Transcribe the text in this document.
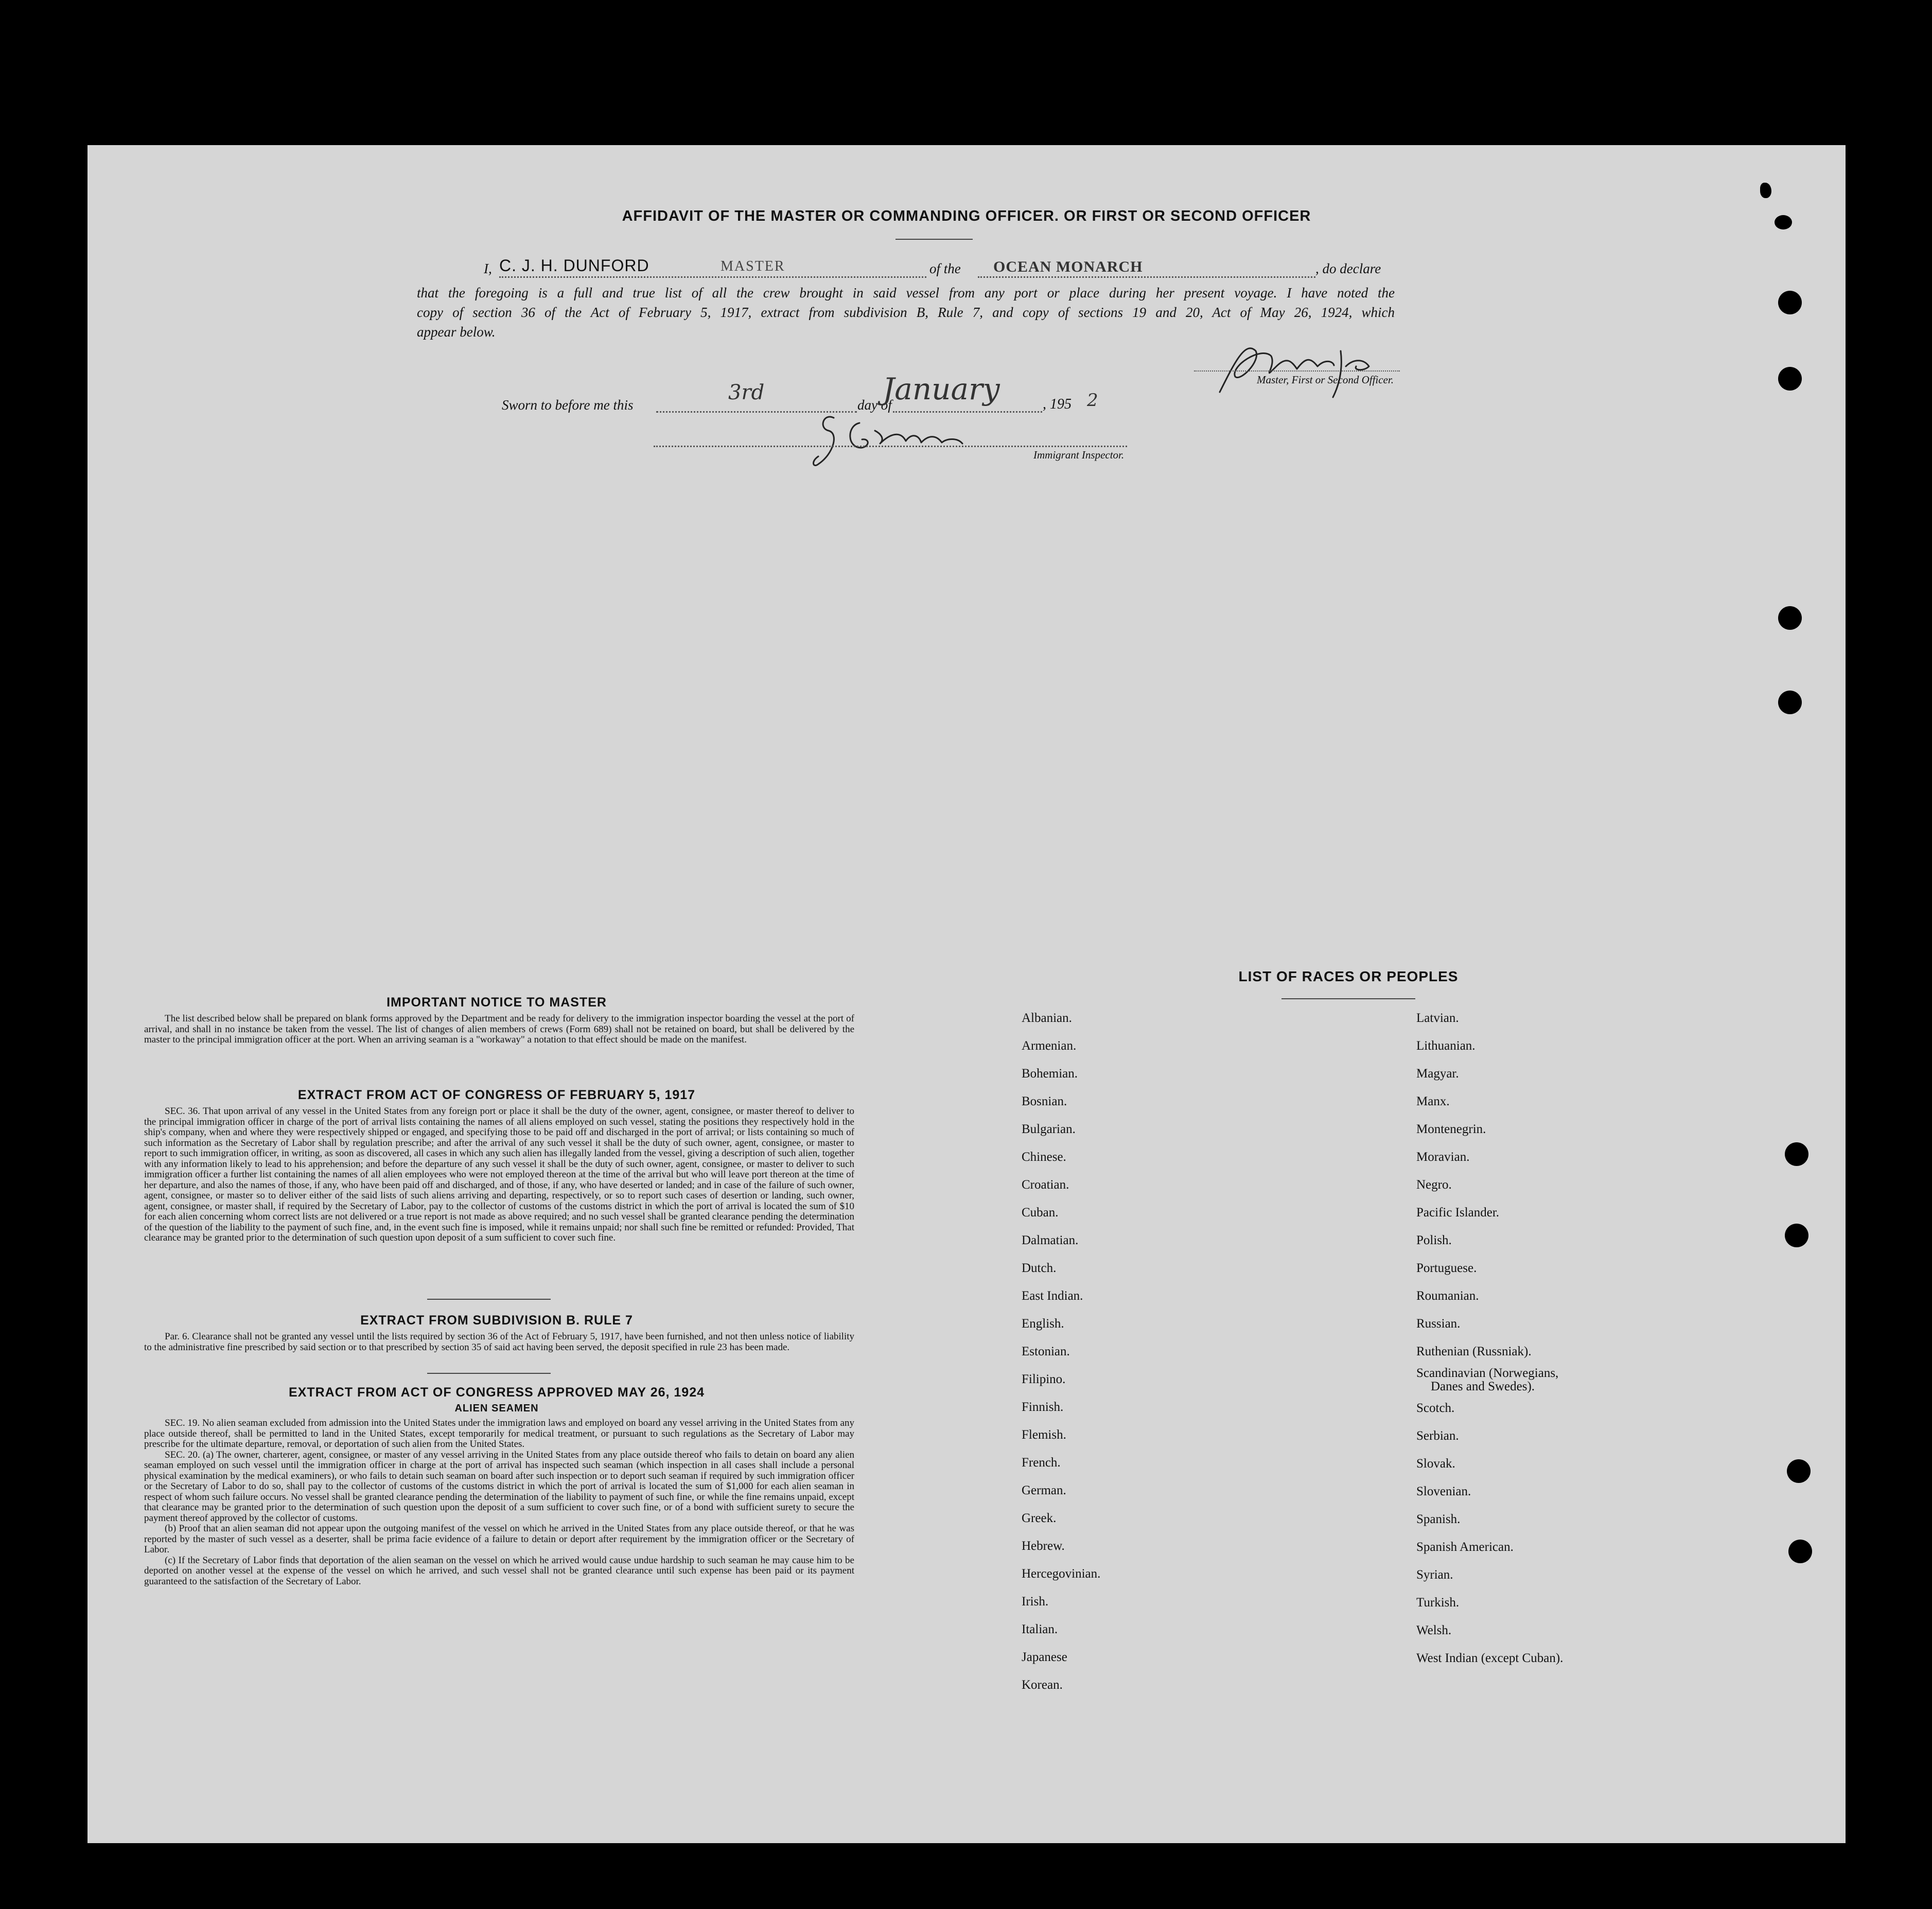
AFFIDAVIT OF THE MASTER OR COMMANDING OFFICER. OR FIRST OR SECOND OFFICER
I, C. J. H. DUNFORD	MASTER	of the OCEAN MONARCH	, do declare
that the foregoing is a full and true list of all the crew brought in said vessel from any port or place during her present voyage. I have noted the
copy of section 36 of the Act of February 5, 1917, extract from subdivision B, Rule 7, and copy of sections 19 and 20, Act of May 26, 1924, which
appear below.
Master, First or Second Officer.
Sworn to before me this
3rd
day of
January	, 195 2
Immigrant Inspector.
IMPORTANT NOTICE TO MASTER

The list described below shall be prepared on blank forms approved by the Department and be ready for delivery to the immigration inspector boarding the vessel at the port of arrival, and shall in no instance be taken from the vessel. The list of changes of alien members of crews (Form 689) shall not be retained on board, but shall be delivered by the master to the principal immigration officer at the port. When an arriving seaman is a "workaway" a notation to that effect should be made on the manifest.

EXTRACT FROM ACT OF CONGRESS OF FEBRUARY 5, 1917

SEC. 36. That upon arrival of any vessel in the United States from any foreign port or place it shall be the duty of the owner, agent, consignee, or master thereof to deliver to the principal immigration officer in charge of the port of arrival lists containing the names of all aliens employed on such vessel, stating the positions they respectively hold in the ship's company, when and where they were respectively shipped or engaged, and specifying those to be paid off and discharged in the port of arrival; or lists containing so much of such information as the Secretary of Labor shall by regulation prescribe; and after the arrival of any such vessel it shall be the duty of such owner, agent, consignee, or master to report to such immigration officer, in writing, as soon as discovered, all cases in which any such alien has illegally landed from the vessel, giving a description of such alien, together with any information likely to lead to his apprehension; and before the departure of any such vessel it shall be the duty of such owner, agent, consignee, or master to deliver to such immigration officer a further list containing the names of all alien employees who were not employed thereon at the time of the arrival but who will leave port thereon at the time of her departure, and also the names of those, if any, who have been paid off and discharged, and of those, if any, who have deserted or landed; and in case of the failure of such owner, agent, consignee, or master so to deliver either of the said lists of such aliens arriving and departing, respectively, or so to report such cases of desertion or landing, such owner, agent, consignee, or master shall, if required by the Secretary of Labor, pay to the collector of customs of the customs district in which the port of arrival is located the sum of $10 for each alien concerning whom correct lists are not delivered or a true report is not made as above required; and no such vessel shall be granted clearance pending the determination of the question of the liability to the payment of such fine, and, in the event such fine is imposed, while it remains unpaid; nor shall such fine be remitted or refunded: Provided, That clearance may be granted prior to the determination of such question upon deposit of a sum sufficient to cover such fine.

EXTRACT FROM SUBDIVISION B. RULE 7

Par. 6. Clearance shall not be granted any vessel until the lists required by section 36 of the Act of February 5, 1917, have been furnished, and not then unless notice of liability to the administrative fine prescribed by said section or to that prescribed by section 35 of said act having been served, the deposit specified in rule 23 has been made.

EXTRACT FROM ACT OF CONGRESS APPROVED MAY 26, 1924
ALIEN SEAMEN

SEC. 19. No alien seaman excluded from admission into the United States under the immigration laws and employed on board any vessel arriving in the United States from any place outside thereof, shall be permitted to land in the United States, except temporarily for medical treatment, or pursuant to such regulations as the Secretary of Labor may prescribe for the ultimate departure, removal, or deportation of such alien from the United States.

SEC. 20. (a) The owner, charterer, agent, consignee, or master of any vessel arriving in the United States from any place outside thereof who fails to detain on board any alien seaman employed on such vessel until the immigration officer in charge at the port of arrival has inspected such seaman (which inspection in all cases shall include a personal physical examination by the medical examiners), or who fails to detain such seaman on board after such inspection or to deport such seaman if required by such immigration officer or the Secretary of Labor to do so, shall pay to the collector of customs of the customs district in which the port of arrival is located the sum of $1,000 for each alien seaman in respect of whom such failure occurs. No vessel shall be granted clearance pending the determination of the liability to payment of such fine, or while the fine remains unpaid, except that clearance may be granted prior to the determination of such question upon the deposit of a sum sufficient to cover such fine, or of a bond with sufficient surety to secure the payment thereof approved by the collector of customs.

(b) Proof that an alien seaman did not appear upon the outgoing manifest of the vessel on which he arrived in the United States from any place outside thereof, or that he was reported by the master of such vessel as a deserter, shall be prima facie evidence of a failure to detain or deport after requirement by the immigration officer or the Secretary of Labor.

(c) If the Secretary of Labor finds that deportation of the alien seaman on the vessel on which he arrived would cause undue hardship to such seaman he may cause him to be deported on another vessel at the expense of the vessel on which he arrived, and such vessel shall not be granted clearance until such expense has been paid or its payment guaranteed to the satisfaction of the Secretary of Labor.

LIST OF RACES OR PEOPLES
Albanian.
Armenian.
Bohemian.
Bosnian.
Bulgarian.
Chinese.
Croatian.
Cuban.
Dalmatian.
Dutch.
East Indian.
English.
Estonian.
Filipino.
Finnish.
Flemish.
French.
German.
Greek.
Hebrew.
Hercegovinian.
Irish.
Italian.
Japanese
Korean.
Latvian.
Lithuanian.
Magyar.
Manx.
Montenegrin.
Moravian.
Negro.
Pacific Islander.
Polish.
Portuguese.
Roumanian.
Russian.
Ruthenian (Russniak).
Scandinavian (Norwegians,
Danes and Swedes).
Scotch.
Serbian.
Slovak.
Slovenian.
Spanish.
Spanish American.
Syrian.
Turkish.
Welsh.
West Indian (except Cuban).
